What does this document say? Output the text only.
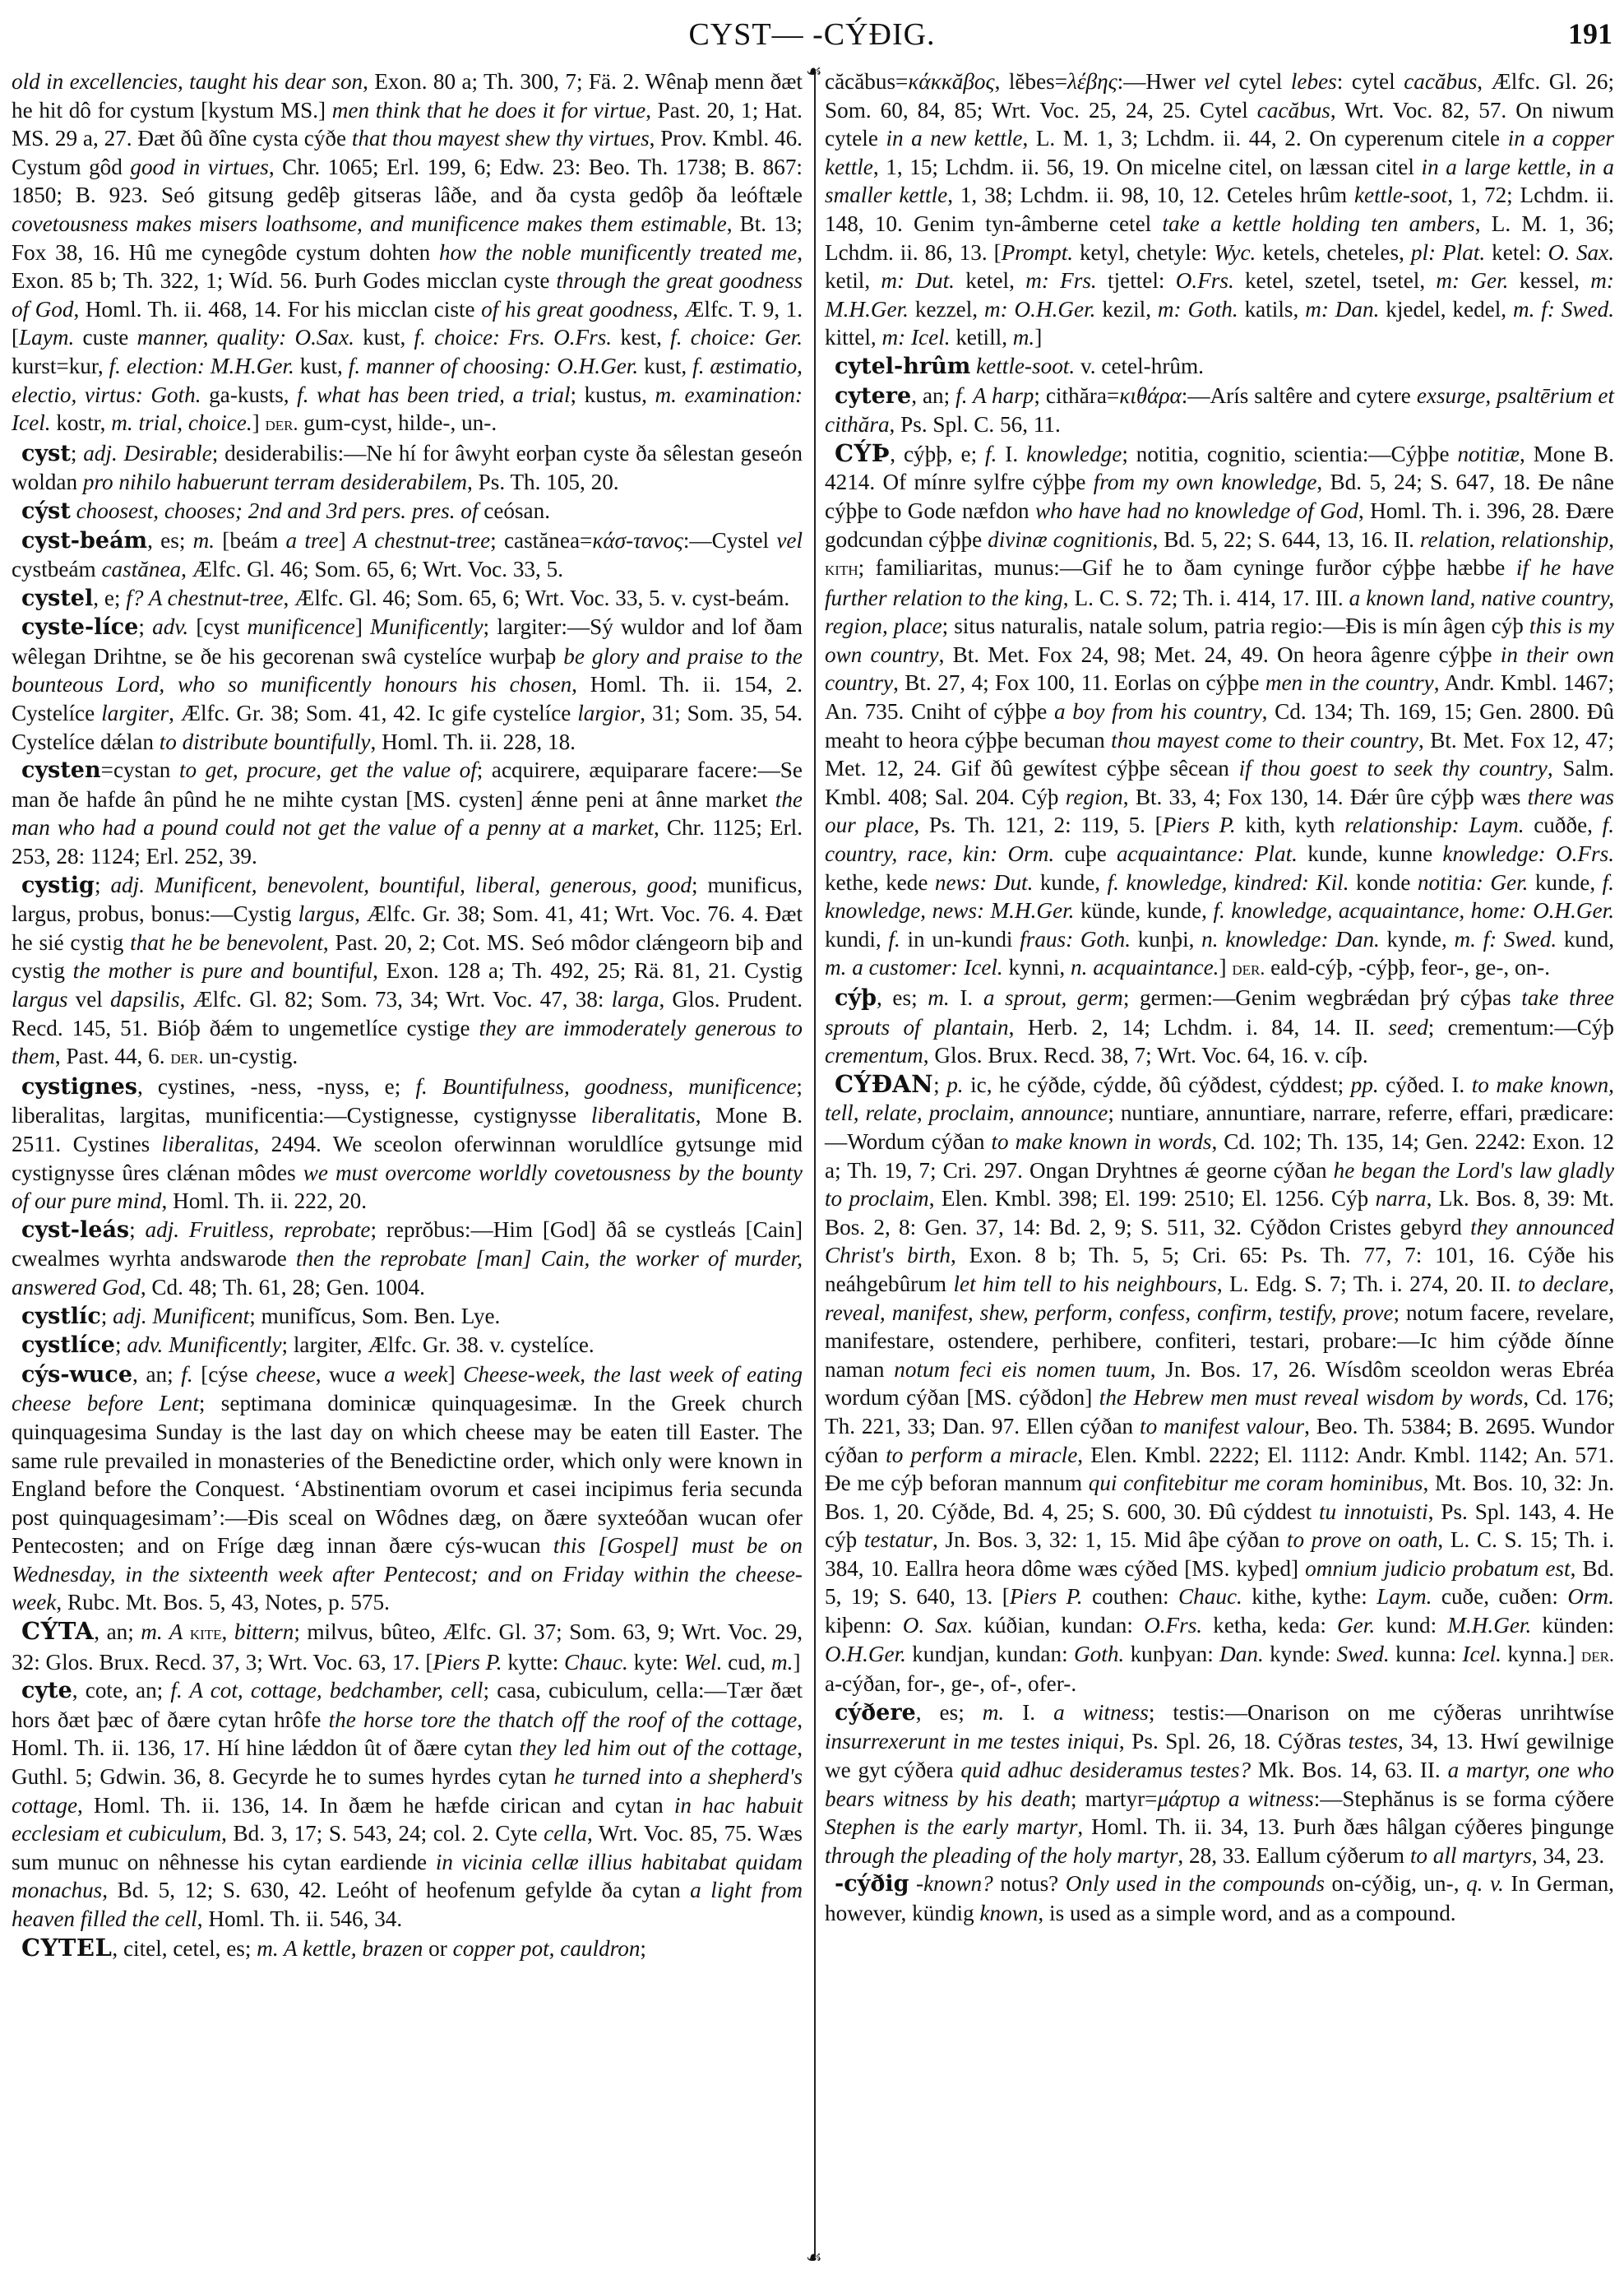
CYST— -CÝÐIG.	191
☙
☙

old in excellencies, taught his dear son, Exon. 80 a; Th. 300, 7; Fä. 2. Wênaþ menn ðæt he hit dô for cystum [kystum MS.] men think that he does it for virtue, Past. 20, 1; Hat. MS. 29 a, 27. Ðæt ðû ðîne cysta cýðe that thou mayest shew thy virtues, Prov. Kmbl. 46. Cystum gôd good in virtues, Chr. 1065; Erl. 199, 6; Edw. 23: Beo. Th. 1738; B. 867: 1850; B. 923. Seó gitsung gedêþ gitseras lâðe, and ða cysta gedôþ ða leóftæle covetousness makes misers loathsome, and munificence makes them estimable, Bt. 13; Fox 38, 16. Hû me cynegôde cystum dohten how the noble munificently treated me, Exon. 85 b; Th. 322, 1; Wíd. 56. Þurh Godes micclan cyste through the great goodness of God, Homl. Th. ii. 468, 14. For his micclan ciste of his great goodness, Ælfc. T. 9, 1. [Laym. custe manner, quality: O.Sax. kust, f. choice: Frs. O.Frs. kest, f. choice: Ger. kurst=kur, f. election: M.H.Ger. kust, f. manner of choosing: O.H.Ger. kust, f. æstimatio, electio, virtus: Goth. ga-kusts, f. what has been tried, a trial; kustus, m. examination: Icel. kostr, m. trial, choice.] der. gum-cyst, hilde-, un-.

cyst; adj. Desirable; desiderabilis:—Ne hí for âwyht eorþan cyste ða sêlestan geseón woldan pro nihilo habuerunt terram desiderabilem, Ps. Th. 105, 20.

cýst choosest, chooses; 2nd and 3rd pers. pres. of ceósan.

cyst-beám, es; m. [beám a tree] A chestnut-tree; castănea=κάσ-τανος:—Cystel vel cystbeám castănea, Ælfc. Gl. 46; Som. 65, 6; Wrt. Voc. 33, 5.

cystel, e; f? A chestnut-tree, Ælfc. Gl. 46; Som. 65, 6; Wrt. Voc. 33, 5. v. cyst-beám.

cyste-líce; adv. [cyst munificence] Munificently; largiter:—Sý wuldor and lof ðam wêlegan Drihtne, se ðe his gecorenan swâ cystelíce wurþaþ be glory and praise to the bounteous Lord, who so munificently honours his chosen, Homl. Th. ii. 154, 2. Cystelíce largiter, Ælfc. Gr. 38; Som. 41, 42. Ic gife cystelíce largior, 31; Som. 35, 54. Cystelíce dǽlan to distribute bountifully, Homl. Th. ii. 228, 18.

cysten=cystan to get, procure, get the value of; acquirere, æquiparare facere:—Se man ðe hafde ân pûnd he ne mihte cystan [MS. cysten] ǽnne peni at ânne market the man who had a pound could not get the value of a penny at a market, Chr. 1125; Erl. 253, 28: 1124; Erl. 252, 39.

cystig; adj. Munificent, benevolent, bountiful, liberal, generous, good; munificus, largus, probus, bonus:—Cystig largus, Ælfc. Gr. 38; Som. 41, 41; Wrt. Voc. 76. 4. Ðæt he sié cystig that he be benevolent, Past. 20, 2; Cot. MS. Seó môdor clǽngeorn biþ and cystig the mother is pure and bountiful, Exon. 128 a; Th. 492, 25; Rä. 81, 21. Cystig largus vel dapsilis, Ælfc. Gl. 82; Som. 73, 34; Wrt. Voc. 47, 38: larga, Glos. Prudent. Recd. 145, 51. Bióþ ðǽm to ungemetlíce cystige they are immoderately generous to them, Past. 44, 6. der. un-cystig.

cystignes, cystines, -ness, -nyss, e; f. Bountifulness, goodness, munificence; liberalitas, largitas, munificentia:—Cystignesse, cystignysse liberalitatis, Mone B. 2511. Cystines liberalitas, 2494. We sceolon oferwinnan woruldlíce gytsunge mid cystignysse ûres clǽnan môdes we must overcome worldly covetousness by the bounty of our pure mind, Homl. Th. ii. 222, 20.

cyst-leás; adj. Fruitless, reprobate; reprŏbus:—Him [God] ðâ se cystleás [Cain] cwealmes wyrhta andswarode then the reprobate [man] Cain, the worker of murder, answered God, Cd. 48; Th. 61, 28; Gen. 1004.

cystlíc; adj. Munificent; munifĭcus, Som. Ben. Lye.

cystlíce; adv. Munificently; largiter, Ælfc. Gr. 38. v. cystelíce.

cýs-wuce, an; f. [cýse cheese, wuce a week] Cheese-week, the last week of eating cheese before Lent; septimana dominicæ quinquagesimæ. In the Greek church quinquagesima Sunday is the last day on which cheese may be eaten till Easter. The same rule prevailed in monasteries of the Benedictine order, which only were known in England before the Conquest. ‘Abstinentiam ovorum et casei incipimus feria secunda post quinquagesimam’:—Ðis sceal on Wôdnes dæg, on ðære syxteóðan wucan ofer Pentecosten; and on Fríge dæg innan ðære cýs-wucan this [Gospel] must be on Wednesday, in the sixteenth week after Pentecost; and on Friday within the cheese-week, Rubc. Mt. Bos. 5, 43, Notes, p. 575.

CÝTA, an; m. A kite, bittern; milvus, bûteo, Ælfc. Gl. 37; Som. 63, 9; Wrt. Voc. 29, 32: Glos. Brux. Recd. 37, 3; Wrt. Voc. 63, 17. [Piers P. kytte: Chauc. kyte: Wel. cud, m.]

cyte, cote, an; f. A cot, cottage, bedchamber, cell; casa, cubiculum, cella:—Tær ðæt hors ðæt þæc of ðære cytan hrôfe the horse tore the thatch off the roof of the cottage, Homl. Th. ii. 136, 17. Hí hine lǽddon ût of ðære cytan they led him out of the cottage, Guthl. 5; Gdwin. 36, 8. Gecyrde he to sumes hyrdes cytan he turned into a shepherd's cottage, Homl. Th. ii. 136, 14. In ðæm he hæfde cirican and cytan in hac habuit ecclesiam et cubiculum, Bd. 3, 17; S. 543, 24; col. 2. Cyte cella, Wrt. Voc. 85, 75. Wæs sum munuc on nêhnesse his cytan eardiende in vicinia cellæ illius habitabat quidam monachus, Bd. 5, 12; S. 630, 42. Leóht of heofenum gefylde ða cytan a light from heaven filled the cell, Homl. Th. ii. 546, 34.

CYTEL, citel, cetel, es; m. A kettle, brazen or copper pot, cauldron;

căcăbus=κάκκăβος, lĕbes=λέβης:—Hwer vel cytel lebes: cytel cacăbus, Ælfc. Gl. 26; Som. 60, 84, 85; Wrt. Voc. 25, 24, 25. Cytel cacăbus, Wrt. Voc. 82, 57. On niwum cytele in a new kettle, L. M. 1, 3; Lchdm. ii. 44, 2. On cyperenum citele in a copper kettle, 1, 15; Lchdm. ii. 56, 19. On micelne citel, on læssan citel in a large kettle, in a smaller kettle, 1, 38; Lchdm. ii. 98, 10, 12. Ceteles hrûm kettle-soot, 1, 72; Lchdm. ii. 148, 10. Genim tyn-âmberne cetel take a kettle holding ten ambers, L. M. 1, 36; Lchdm. ii. 86, 13. [Prompt. ketyl, chetyle: Wyc. ketels, cheteles, pl: Plat. ketel: O. Sax. ketil, m: Dut. ketel, m: Frs. tjettel: O.Frs. ketel, szetel, tsetel, m: Ger. kessel, m: M.H.Ger. kezzel, m: O.H.Ger. kezil, m: Goth. katils, m: Dan. kjedel, kedel, m. f: Swed. kittel, m: Icel. ketill, m.]

cytel-hrûm kettle-soot. v. cetel-hrûm.

cytere, an; f. A harp; cithăra=κιθάρα:—Arís saltêre and cytere exsurge, psaltērium et cithăra, Ps. Spl. C. 56, 11.

CÝÞ, cýþþ, e; f. I. knowledge; notitia, cognitio, scientia:—Cýþþe notitiæ, Mone B. 4214. Of mínre sylfre cýþþe from my own knowledge, Bd. 5, 24; S. 647, 18. Ðe nâne cýþþe to Gode næfdon who have had no knowledge of God, Homl. Th. i. 396, 28. Ðære godcundan cýþþe divinæ cognitionis, Bd. 5, 22; S. 644, 13, 16. II. relation, relationship, kith; familiaritas, munus:—Gif he to ðam cyninge furðor cýþþe hæbbe if he have further relation to the king, L. C. S. 72; Th. i. 414, 17. III. a known land, native country, region, place; situs naturalis, natale solum, patria regio:—Ðis is mín âgen cýþ this is my own country, Bt. Met. Fox 24, 98; Met. 24, 49. On heora âgenre cýþþe in their own country, Bt. 27, 4; Fox 100, 11. Eorlas on cýþþe men in the country, Andr. Kmbl. 1467; An. 735. Cniht of cýþþe a boy from his country, Cd. 134; Th. 169, 15; Gen. 2800. Ðû meaht to heora cýþþe becuman thou mayest come to their country, Bt. Met. Fox 12, 47; Met. 12, 24. Gif ðû gewítest cýþþe sêcean if thou goest to seek thy country, Salm. Kmbl. 408; Sal. 204. Cýþ region, Bt. 33, 4; Fox 130, 14. Ðǽr ûre cýþþ wæs there was our place, Ps. Th. 121, 2: 119, 5. [Piers P. kith, kyth relationship: Laym. cuððe, f. country, race, kin: Orm. cuþe acquaintance: Plat. kunde, kunne knowledge: O.Frs. kethe, kede news: Dut. kunde, f. knowledge, kindred: Kil. konde notitia: Ger. kunde, f. knowledge, news: M.H.Ger. künde, kunde, f. knowledge, acquaintance, home: O.H.Ger. kundi, f. in un-kundi fraus: Goth. kunþi, n. knowledge: Dan. kynde, m. f: Swed. kund, m. a customer: Icel. kynni, n. acquaintance.] der. eald-cýþ, -cýþþ, feor-, ge-, on-.

cýþ, es; m. I. a sprout, germ; germen:—Genim wegbrǽdan þrý cýþas take three sprouts of plantain, Herb. 2, 14; Lchdm. i. 84, 14. II. seed; crementum:—Cýþ crementum, Glos. Brux. Recd. 38, 7; Wrt. Voc. 64, 16. v. cíþ.

CÝÐAN; p. ic, he cýðde, cýdde, ðû cýðdest, cýddest; pp. cýðed. I. to make known, tell, relate, proclaim, announce; nuntiare, annuntiare, narrare, referre, effari, prædicare:—Wordum cýðan to make known in words, Cd. 102; Th. 135, 14; Gen. 2242: Exon. 12 a; Th. 19, 7; Cri. 297. Ongan Dryhtnes ǽ georne cýðan he began the Lord's law gladly to proclaim, Elen. Kmbl. 398; El. 199: 2510; El. 1256. Cýþ narra, Lk. Bos. 8, 39: Mt. Bos. 2, 8: Gen. 37, 14: Bd. 2, 9; S. 511, 32. Cýðdon Cristes gebyrd they announced Christ's birth, Exon. 8 b; Th. 5, 5; Cri. 65: Ps. Th. 77, 7: 101, 16. Cýðe his neáhgebûrum let him tell to his neighbours, L. Edg. S. 7; Th. i. 274, 20. II. to declare, reveal, manifest, shew, perform, confess, confirm, testify, prove; notum facere, revelare, manifestare, ostendere, perhibere, confiteri, testari, probare:—Ic him cýðde ðínne naman notum feci eis nomen tuum, Jn. Bos. 17, 26. Wísdôm sceoldon weras Ebréa wordum cýðan [MS. cýðdon] the Hebrew men must reveal wisdom by words, Cd. 176; Th. 221, 33; Dan. 97. Ellen cýðan to manifest valour, Beo. Th. 5384; B. 2695. Wundor cýðan to perform a miracle, Elen. Kmbl. 2222; El. 1112: Andr. Kmbl. 1142; An. 571. Ðe me cýþ beforan mannum qui confitebitur me coram hominibus, Mt. Bos. 10, 32: Jn. Bos. 1, 20. Cýðde, Bd. 4, 25; S. 600, 30. Ðû cýddest tu innotuisti, Ps. Spl. 143, 4. He cýþ testatur, Jn. Bos. 3, 32: 1, 15. Mid âþe cýðan to prove on oath, L. C. S. 15; Th. i. 384, 10. Eallra heora dôme wæs cýðed [MS. kyþed] omnium judicio probatum est, Bd. 5, 19; S. 640, 13. [Piers P. couthen: Chauc. kithe, kythe: Laym. cuðe, cuðen: Orm. kiþenn: O. Sax. kúðian, kundan: O.Frs. ketha, keda: Ger. kund: M.H.Ger. künden: O.H.Ger. kundjan, kundan: Goth. kunþyan: Dan. kynde: Swed. kunna: Icel. kynna.] der. a-cýðan, for-, ge-, of-, ofer-.

cýðere, es; m. I. a witness; testis:—Onarison on me cýðeras unrihtwíse insurrexerunt in me testes iniqui, Ps. Spl. 26, 18. Cýðras testes, 34, 13. Hwí gewilnige we gyt cýðera quid adhuc desideramus testes? Mk. Bos. 14, 63. II. a martyr, one who bears witness by his death; martyr=μάρτυρ a witness:—Stephănus is se forma cýðere Stephen is the early martyr, Homl. Th. ii. 34, 13. Þurh ðæs hâlgan cýðeres þingunge through the pleading of the holy martyr, 28, 33. Eallum cýðerum to all martyrs, 34, 23.

-cýðig -known? notus? Only used in the compounds on-cýðig, un-, q. v. In German, however, kündig known, is used as a simple word, and as a compound.
